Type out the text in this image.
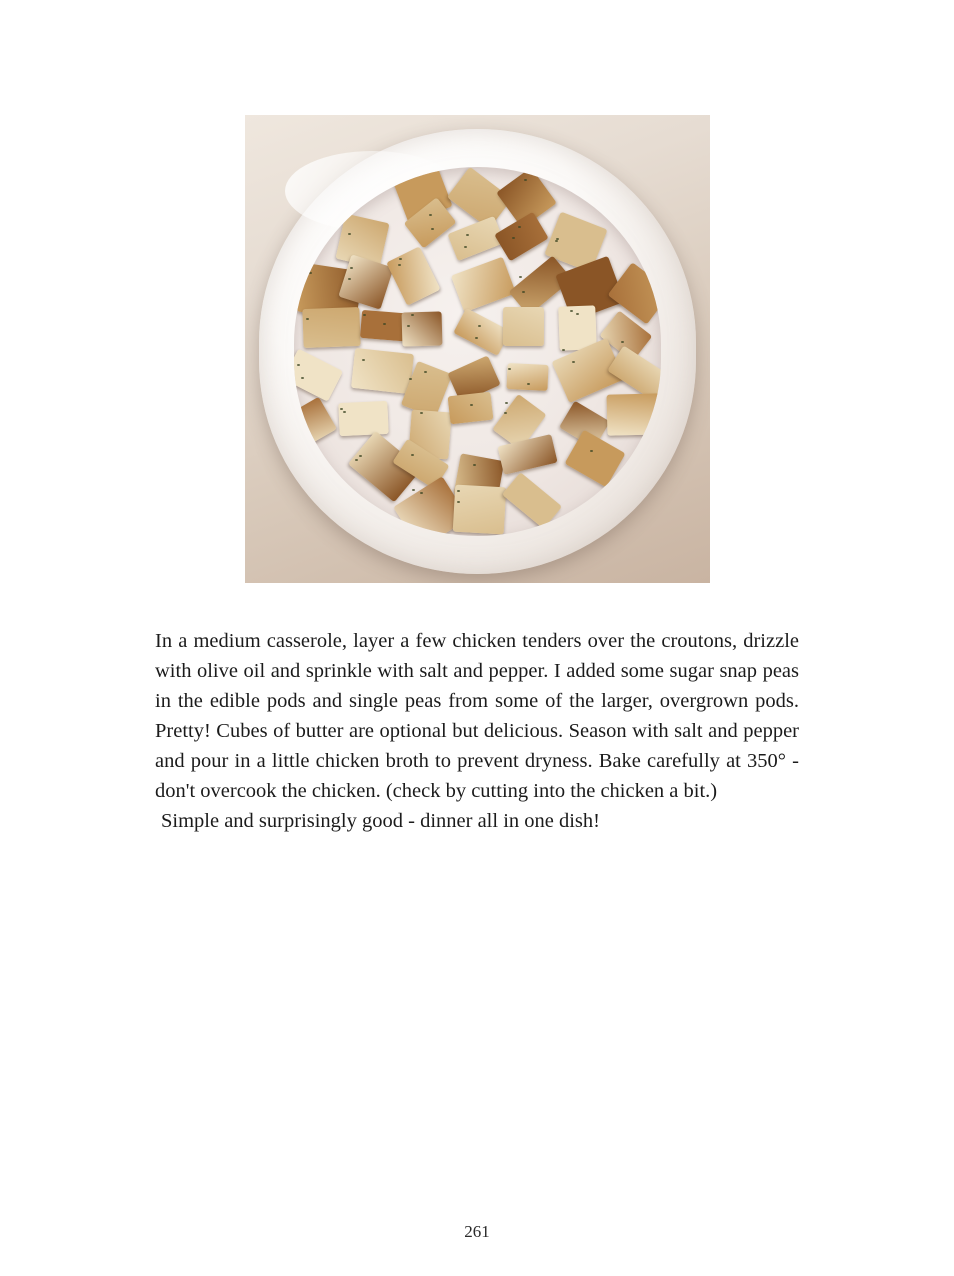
In a medium casserole, layer a few chicken tenders over the croutons, drizzle with olive oil and sprinkle with salt and pepper. I added some sugar snap peas in the edible pods and single peas from some of the larger, overgrown pods. Pretty! Cubes of butter are optional but delicious. Season with salt and pepper and pour in a little chicken broth to prevent dryness. Bake carefully at 350° - don't overcook the chicken. (check by cutting into the chicken a bit.)
Simple and surprisingly good - dinner all in one dish!
261
